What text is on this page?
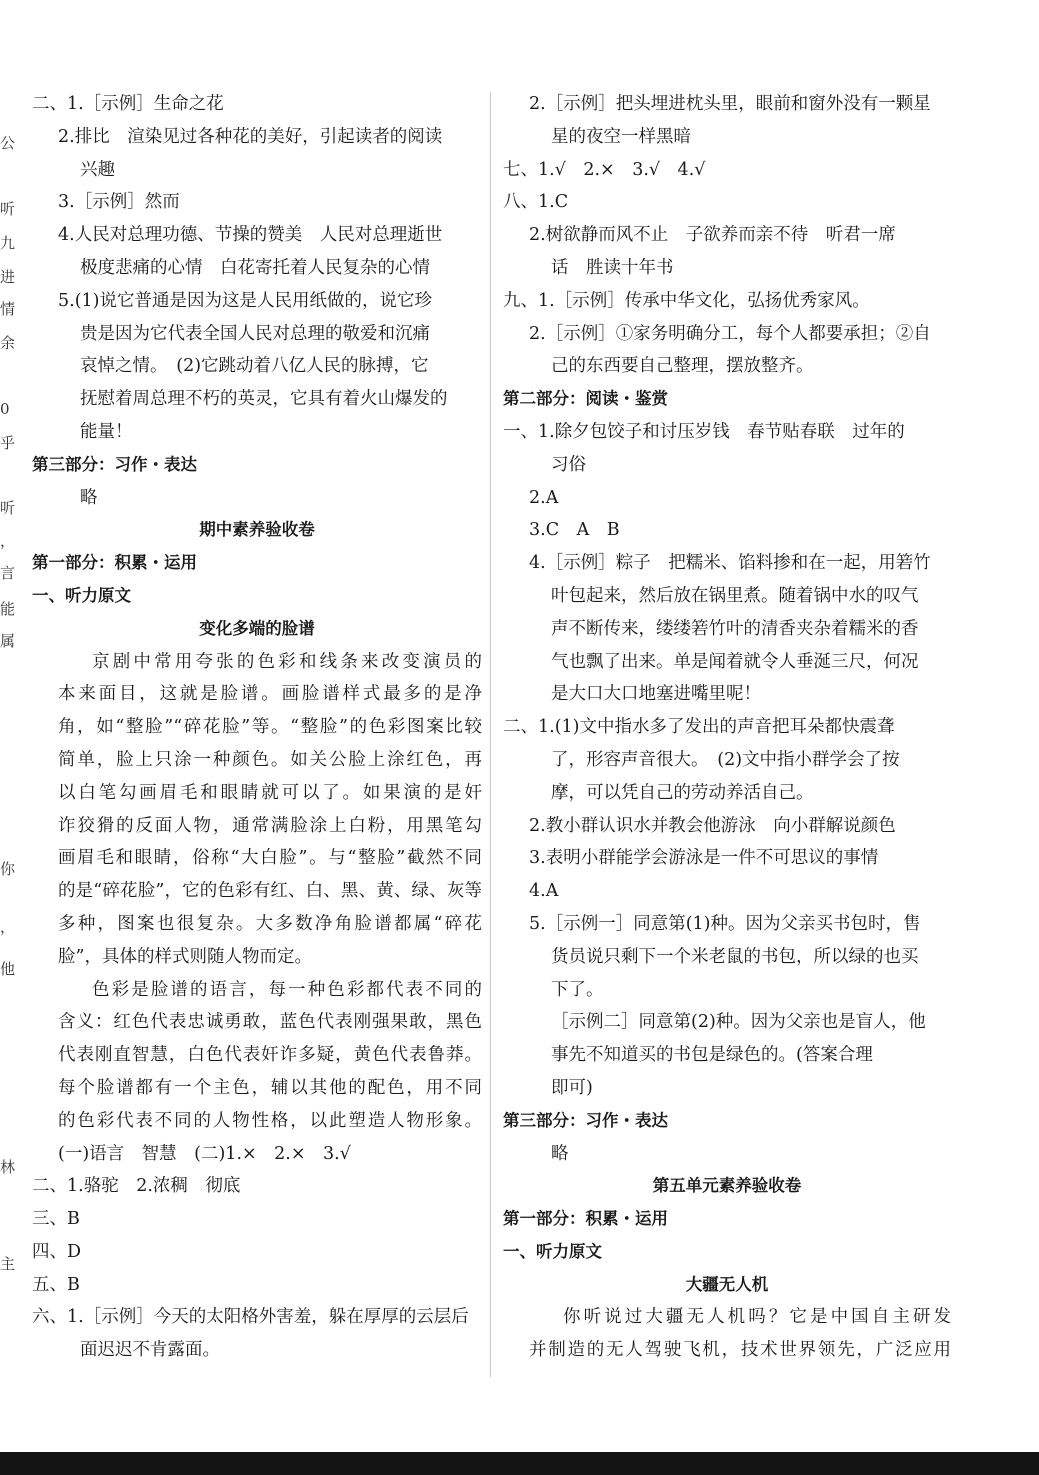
公
听
九
进
情
余
0
乎
听
，
言
能
属
你
，
他
林
主
二、1.［示例］生命之花
2.排比　渲染见过各种花的美好，引起读者的阅读
兴趣
3.［示例］然而
4.人民对总理功德、节操的赞美　人民对总理逝世
极度悲痛的心情　白花寄托着人民复杂的心情
5.(1)说它普通是因为这是人民用纸做的，说它珍
贵是因为它代表全国人民对总理的敬爱和沉痛
哀悼之情。　(2)它跳动着八亿人民的脉搏，它
抚慰着周总理不朽的英灵，它具有着火山爆发的
能量！
第三部分：习作・表达
略
期中素养验收卷
第一部分：积累・运用
一、听力原文
变化多端的脸谱
京剧中常用夸张的色彩和线条来改变演员的
本来面目，这就是脸谱。画脸谱样式最多的是净
角，如“整脸”“碎花脸”等。“整脸”的色彩图案比较
简单，脸上只涂一种颜色。如关公脸上涂红色，再
以白笔勾画眉毛和眼睛就可以了。如果演的是奸
诈狡猾的反面人物，通常满脸涂上白粉，用黑笔勾
画眉毛和眼睛，俗称“大白脸”。与“整脸”截然不同
的是“碎花脸”，它的色彩有红、白、黑、黄、绿、灰等
多种，图案也很复杂。大多数净角脸谱都属“碎花
脸”，具体的样式则随人物而定。
色彩是脸谱的语言，每一种色彩都代表不同的
含义：红色代表忠诚勇敢，蓝色代表刚强果敢，黑色
代表刚直智慧，白色代表奸诈多疑，黄色代表鲁莽。
每个脸谱都有一个主色，辅以其他的配色，用不同
的色彩代表不同的人物性格，以此塑造人物形象。
(一)语言　智慧　(二)1.×　2.×　3.√
二、1.骆驼　2.浓稠　彻底
三、B
四、D
五、B
六、1.［示例］今天的太阳格外害羞，躲在厚厚的云层后
面迟迟不肯露面。
2.［示例］把头埋进枕头里，眼前和窗外没有一颗星
星的夜空一样黑暗
七、1.√　2.×　3.√　4.√
八、1.C
2.树欲静而风不止　子欲养而亲不待　听君一席
话　胜读十年书
九、1.［示例］传承中华文化，弘扬优秀家风。
2.［示例］①家务明确分工，每个人都要承担；②自
己的东西要自己整理，摆放整齐。
第二部分：阅读・鉴赏
一、1.除夕包饺子和讨压岁钱　春节贴春联　过年的
习俗
2.A
3.C　A　B
4.［示例］粽子　把糯米、馅料掺和在一起，用箬竹
叶包起来，然后放在锅里煮。随着锅中水的叹气
声不断传来，缕缕箬竹叶的清香夹杂着糯米的香
气也飘了出来。单是闻着就令人垂涎三尺，何况
是大口大口地塞进嘴里呢！
二、1.(1)文中指水多了发出的声音把耳朵都快震聋
了，形容声音很大。　(2)文中指小群学会了按
摩，可以凭自己的劳动养活自己。
2.教小群认识水并教会他游泳　向小群解说颜色
3.表明小群能学会游泳是一件不可思议的事情
4.A
5.［示例一］同意第(1)种。因为父亲买书包时，售
货员说只剩下一个米老鼠的书包，所以绿的也买
下了。
［示例二］同意第(2)种。因为父亲也是盲人，他
事先不知道买的书包是绿色的。(答案合理
即可)
第三部分：习作・表达
略
第五单元素养验收卷
第一部分：积累・运用
一、听力原文
大疆无人机
你听说过大疆无人机吗？它是中国自主研发
并制造的无人驾驶飞机，技术世界领先，广泛应用
